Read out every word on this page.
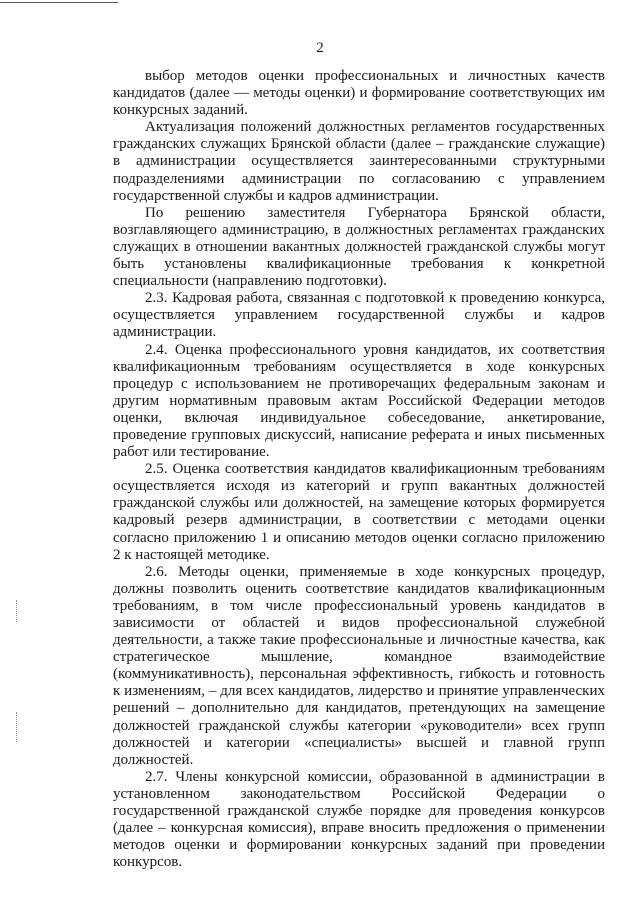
2

выбор методов оценки профессиональных и личностных качеств кандидатов (далее — методы оценки) и формирование соответствующих им конкурсных заданий.

Актуализация положений должностных регламентов государственных гражданских служащих Брянской области (далее – гражданские служащие) в администрации осуществляется заинтересованными структурными подразделениями администрации по согласованию с управлением государственной службы и кадров администрации.

По решению заместителя Губернатора Брянской области, возглавляющего администрацию, в должностных регламентах гражданских служащих в отношении вакантных должностей гражданской службы могут быть установлены квалификационные требования к конкретной специальности (направлению подготовки).

2.3. Кадровая работа, связанная с подготовкой к проведению конкурса, осуществляется управлением государственной службы и кадров администрации.

2.4. Оценка профессионального уровня кандидатов, их соответствия квалификационным требованиям осуществляется в ходе конкурсных процедур с использованием не противоречащих федеральным законам и другим нормативным правовым актам Российской Федерации методов оценки, включая индивидуальное собеседование, анкетирование, проведение групповых дискуссий, написание реферата и иных письменных работ или тестирование.

2.5. Оценка соответствия кандидатов квалификационным требованиям осуществляется исходя из категорий и групп вакантных должностей гражданской службы или должностей, на замещение которых формируется кадровый резерв администрации, в соответствии с методами оценки согласно приложению 1 и описанию методов оценки согласно приложению 2 к настоящей методике.

2.6. Методы оценки, применяемые в ходе конкурсных процедур, должны позволить оценить соответствие кандидатов квалификационным требованиям, в том числе профессиональный уровень кандидатов в зависимости от областей и видов профессиональной служебной деятельности, а также такие профессиональные и личностные качества, как стратегическое мышление, командное взаимодействие (коммуникативность), персональная эффективность, гибкость и готовность к изменениям, – для всех кандидатов, лидерство и принятие управленческих решений – дополнительно для кандидатов, претендующих на замещение должностей гражданской службы категории «руководители» всех групп должностей и категории «специалисты» высшей и главной групп должностей.

2.7. Члены конкурсной комиссии, образованной в администрации в установленном законодательством Российской Федерации о государственной гражданской службе порядке для проведения конкурсов (далее – конкурсная комиссия), вправе вносить предложения о применении методов оценки и формировании конкурсных заданий при проведении конкурсов.
